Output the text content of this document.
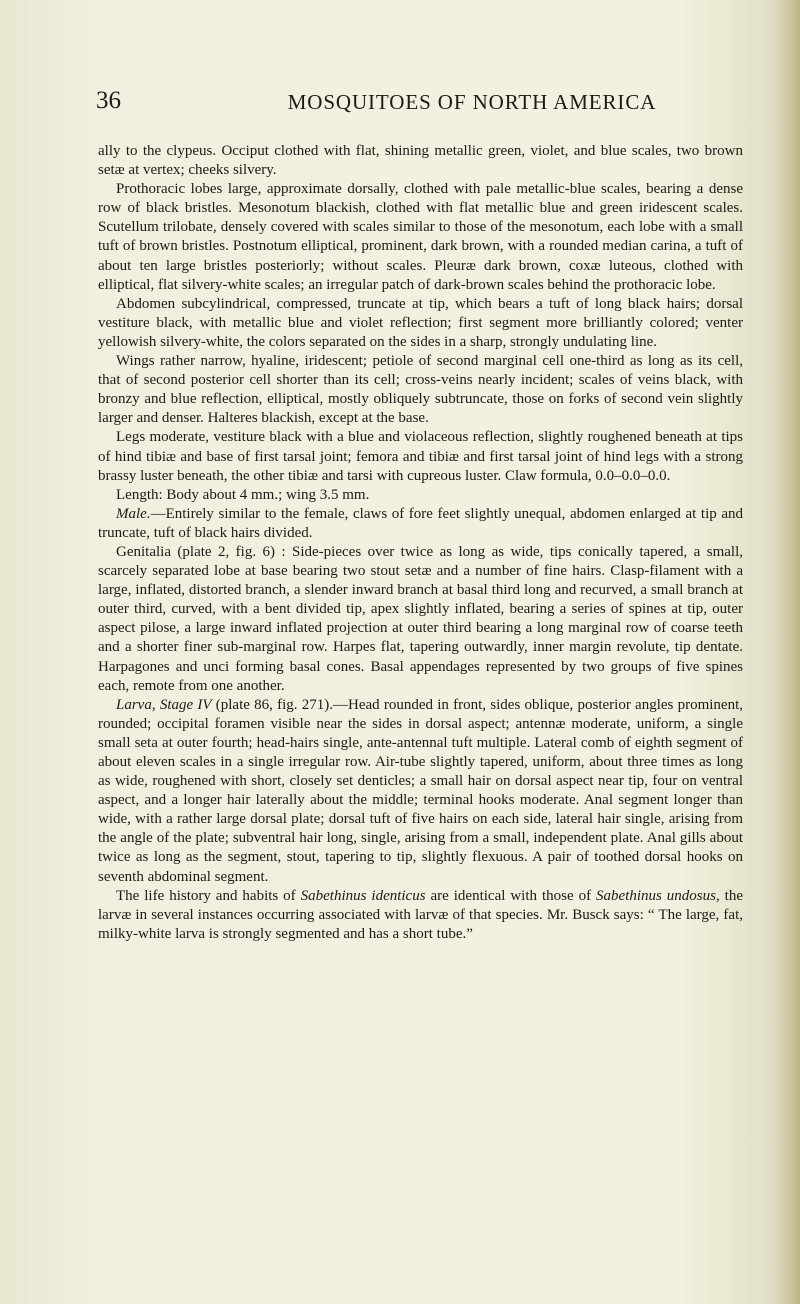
36	MOSQUITOES OF NORTH AMERICA

ally to the clypeus. Occiput clothed with flat, shining metallic green, violet, and blue scales, two brown setæ at vertex; cheeks silvery.

Prothoracic lobes large, approximate dorsally, clothed with pale metallic-blue scales, bearing a dense row of black bristles. Mesonotum blackish, clothed with flat metallic blue and green iridescent scales. Scutellum trilobate, densely covered with scales similar to those of the mesonotum, each lobe with a small tuft of brown bristles. Postnotum elliptical, prominent, dark brown, with a rounded median carina, a tuft of about ten large bristles posteriorly; without scales. Pleuræ dark brown, coxæ luteous, clothed with elliptical, flat silvery-white scales; an irregular patch of dark-brown scales behind the prothoracic lobe.

Abdomen subcylindrical, compressed, truncate at tip, which bears a tuft of long black hairs; dorsal vestiture black, with metallic blue and violet reflection; first segment more brilliantly colored; venter yellowish silvery-white, the colors separated on the sides in a sharp, strongly undulating line.

Wings rather narrow, hyaline, iridescent; petiole of second marginal cell one-third as long as its cell, that of second posterior cell shorter than its cell; cross-veins nearly incident; scales of veins black, with bronzy and blue reflection, elliptical, mostly obliquely subtruncate, those on forks of second vein slightly larger and denser. Halteres blackish, except at the base.

Legs moderate, vestiture black with a blue and violaceous reflection, slightly roughened beneath at tips of hind tibiæ and base of first tarsal joint; femora and tibiæ and first tarsal joint of hind legs with a strong brassy luster beneath, the other tibiæ and tarsi with cupreous luster. Claw formula, 0.0–0.0–0.0.

Length: Body about 4 mm.; wing 3.5 mm.

Male.—Entirely similar to the female, claws of fore feet slightly unequal, abdomen enlarged at tip and truncate, tuft of black hairs divided.

Genitalia (plate 2, fig. 6) : Side-pieces over twice as long as wide, tips conically tapered, a small, scarcely separated lobe at base bearing two stout setæ and a number of fine hairs. Clasp-filament with a large, inflated, distorted branch, a slender inward branch at basal third long and recurved, a small branch at outer third, curved, with a bent divided tip, apex slightly inflated, bearing a series of spines at tip, outer aspect pilose, a large inward inflated projection at outer third bearing a long marginal row of coarse teeth and a shorter finer sub-marginal row. Harpes flat, tapering outwardly, inner margin revolute, tip dentate. Harpagones and unci forming basal cones. Basal appendages represented by two groups of five spines each, remote from one another.

Larva, Stage IV (plate 86, fig. 271).—Head rounded in front, sides oblique, posterior angles prominent, rounded; occipital foramen visible near the sides in dorsal aspect; antennæ moderate, uniform, a single small seta at outer fourth; head-hairs single, ante-antennal tuft multiple. Lateral comb of eighth segment of about eleven scales in a single irregular row. Air-tube slightly tapered, uniform, about three times as long as wide, roughened with short, closely set denticles; a small hair on dorsal aspect near tip, four on ventral aspect, and a longer hair laterally about the middle; terminal hooks moderate. Anal segment longer than wide, with a rather large dorsal plate; dorsal tuft of five hairs on each side, lateral hair single, arising from the angle of the plate; subventral hair long, single, arising from a small, independent plate. Anal gills about twice as long as the segment, stout, tapering to tip, slightly flexuous. A pair of toothed dorsal hooks on seventh abdominal segment.

The life history and habits of Sabethinus identicus are identical with those of Sabethinus undosus, the larvæ in several instances occurring associated with larvæ of that species. Mr. Busck says: “ The large, fat, milky-white larva is strongly segmented and has a short tube.”
